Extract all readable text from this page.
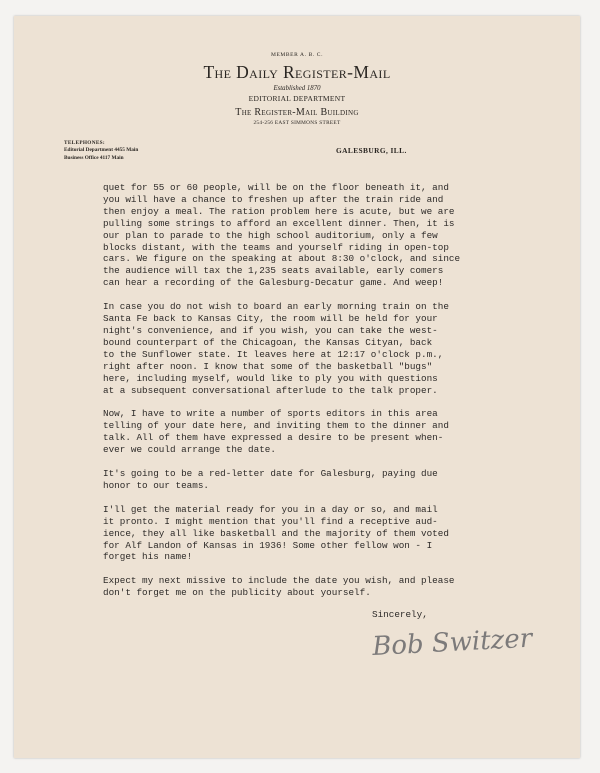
MEMBER A. B. C.
The Daily Register-Mail
Established 1870
EDITORIAL DEPARTMENT
The Register-Mail Building
254-256 EAST SIMMONS STREET
TELEPHONES:
Editorial Department 4455 Main
Business Office 4117 Main
GALESBURG, ILL.
quet for 55 or 60 people, will be on the floor beneath it, and
you will have a chance to freshen up after the train ride and
then enjoy a meal. The ration problem here is acute, but we are
pulling some strings to afford an excellent dinner. Then, it is
our plan to parade to the high school auditorium, only a few
blocks distant, with the teams and yourself riding in open-top
cars. We figure on the speaking at about 8:30 o'clock, and since
the audience will tax the 1,235 seats available, early comers
can hear a recording of the Galesburg-Decatur game. And weep!
In case you do not wish to board an early morning train on the
Santa Fe back to Kansas City, the room will be held for your
night's convenience, and if you wish, you can take the west-
bound counterpart of the Chicagoan, the Kansas Cityan, back
to the Sunflower state. It leaves here at 12:17 o'clock p.m.,
right after noon. I know that some of the basketball "bugs"
here, including myself, would like to ply you with questions
at a subsequent conversational afterlude to the talk proper.
Now, I have to write a number of sports editors in this area
telling of your date here, and inviting them to the dinner and
talk. All of them have expressed a desire to be present when-
ever we could arrange the date.
It's going to be a red-letter date for Galesburg, paying due
honor to our teams.
I'll get the material ready for you in a day or so, and mail
it pronto. I might mention that you'll find a receptive aud-
ience, they all like basketball and the majority of them voted
for Alf Landon of Kansas in 1936! Some other fellow won - I
forget his name!
Expect my next missive to include the date you wish, and please
don't forget me on the publicity about yourself.
Sincerely,
Bob Switzer
